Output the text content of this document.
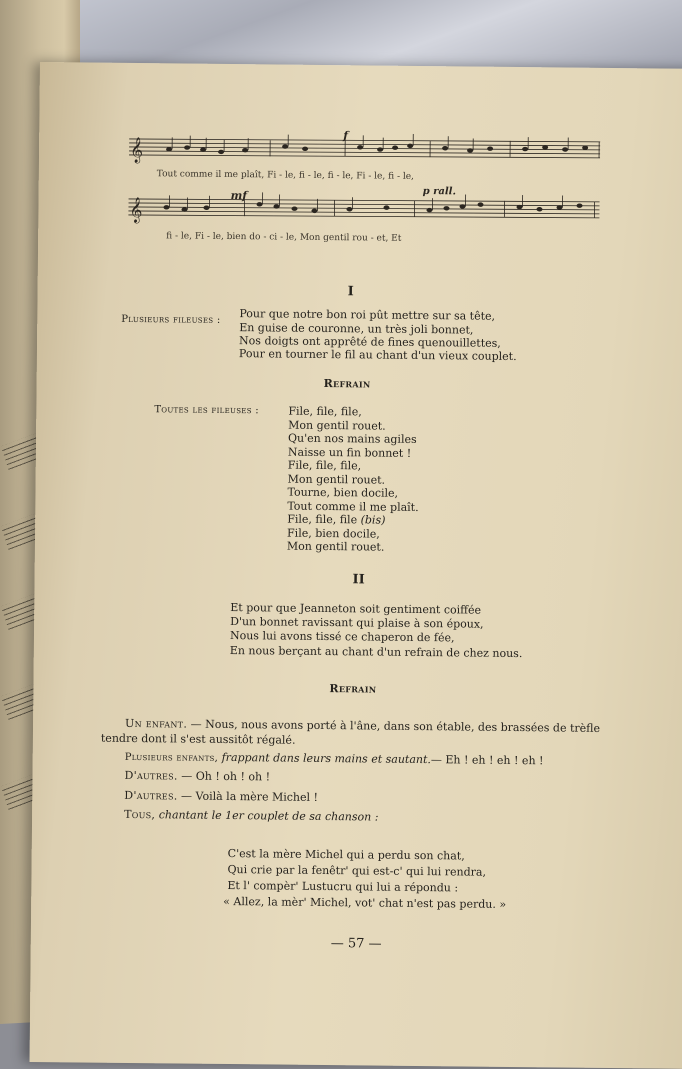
𝄞
𝄞
f
mf	p rall.
Tout comme il me plaît, Fi - le, fi - le, fi - le, Fi - le, fi - le,
fi - le, Fi - le, bien do - ci - le, Mon gentil rou - et, Et
I
Plusieurs fileuses : Pour que notre bon roi pût mettre sur sa tête,
En guise de couronne, un très joli bonnet,
Nos doigts ont apprêté de fines quenouillettes,
Pour en tourner le fil au chant d'un vieux couplet.
Refrain
Toutes les fileuses :	File, file, file,
Mon gentil rouet.
Qu'en nos mains agiles
Naisse un fin bonnet !
File, file, file,
Mon gentil rouet.
Tourne, bien docile,
Tout comme il me plaît.
File, file, file (bis)
File, bien docile,
Mon gentil rouet.
II
Et pour que Jeanneton soit gentiment coiffée
D'un bonnet ravissant qui plaise à son époux,
Nous lui avons tissé ce chaperon de fée,
En nous berçant au chant d'un refrain de chez nous.
Refrain
Un enfant. — Nous, nous avons porté à l'âne, dans son étable, des brassées de trèfle
tendre dont il s'est aussitôt régalé.
Plusieurs enfants, frappant dans leurs mains et sautant.— Eh ! eh ! eh ! eh !
D'autres. — Oh ! oh ! oh !
D'autres. — Voilà la mère Michel !
Tous, chantant le 1er couplet de sa chanson :
C'est la mère Michel qui a perdu son chat,
Qui crie par la fenêtr' qui est-c' qui lui rendra,
Et l' compèr' Lustucru qui lui a répondu :
« Allez, la mèr' Michel, vot' chat n'est pas perdu. »
— 57 —
